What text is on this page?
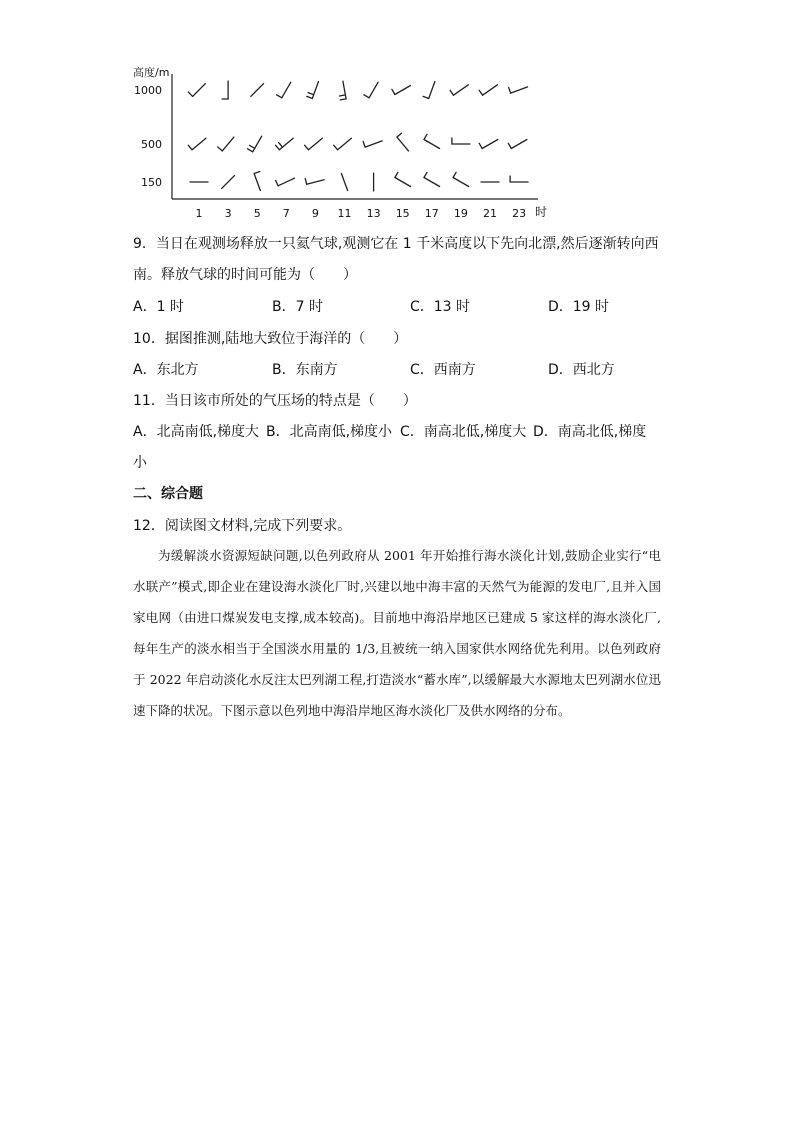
高度/m
时
1000
500
150
1 3 5 7 9 11 13 15 17 19 21 23
9．当日在观测场释放一只氦气球,观测它在 1 千米高度以下先向北漂,然后逐渐转向西
南。释放气球的时间可能为（　　）
A．1 时	B．7 时	C．13 时	D．19 时
10．据图推测,陆地大致位于海洋的（　　）
A．东北方	B．东南方	C．西南方	D．西北方
11．当日该市所处的气压场的特点是（　　）
A．北高南低,梯度大 B．北高南低,梯度小 C．南高北低,梯度大 D．南高北低,梯度
小
二、综合题
12．阅读图文材料,完成下列要求。

为缓解淡水资源短缺问题,以色列政府从 2001 年开始推行海水淡化计划,鼓励企业实行“电水联产”模式,即企业在建设海水淡化厂时,兴建以地中海丰富的天然气为能源的发电厂,且并入国家电网（由进口煤炭发电支撑,成本较高)。目前地中海沿岸地区已建成 5 家这样的海水淡化厂,每年生产的淡水相当于全国淡水用量的 1/3,且被统一纳入国家供水网络优先利用。以色列政府于 2022 年启动淡化水反注太巴列湖工程,打造淡水“蓄水库”,以缓解最大水源地太巴列湖水位迅速下降的状况。下图示意以色列地中海沿岸地区海水淡化厂及供水网络的分布。
